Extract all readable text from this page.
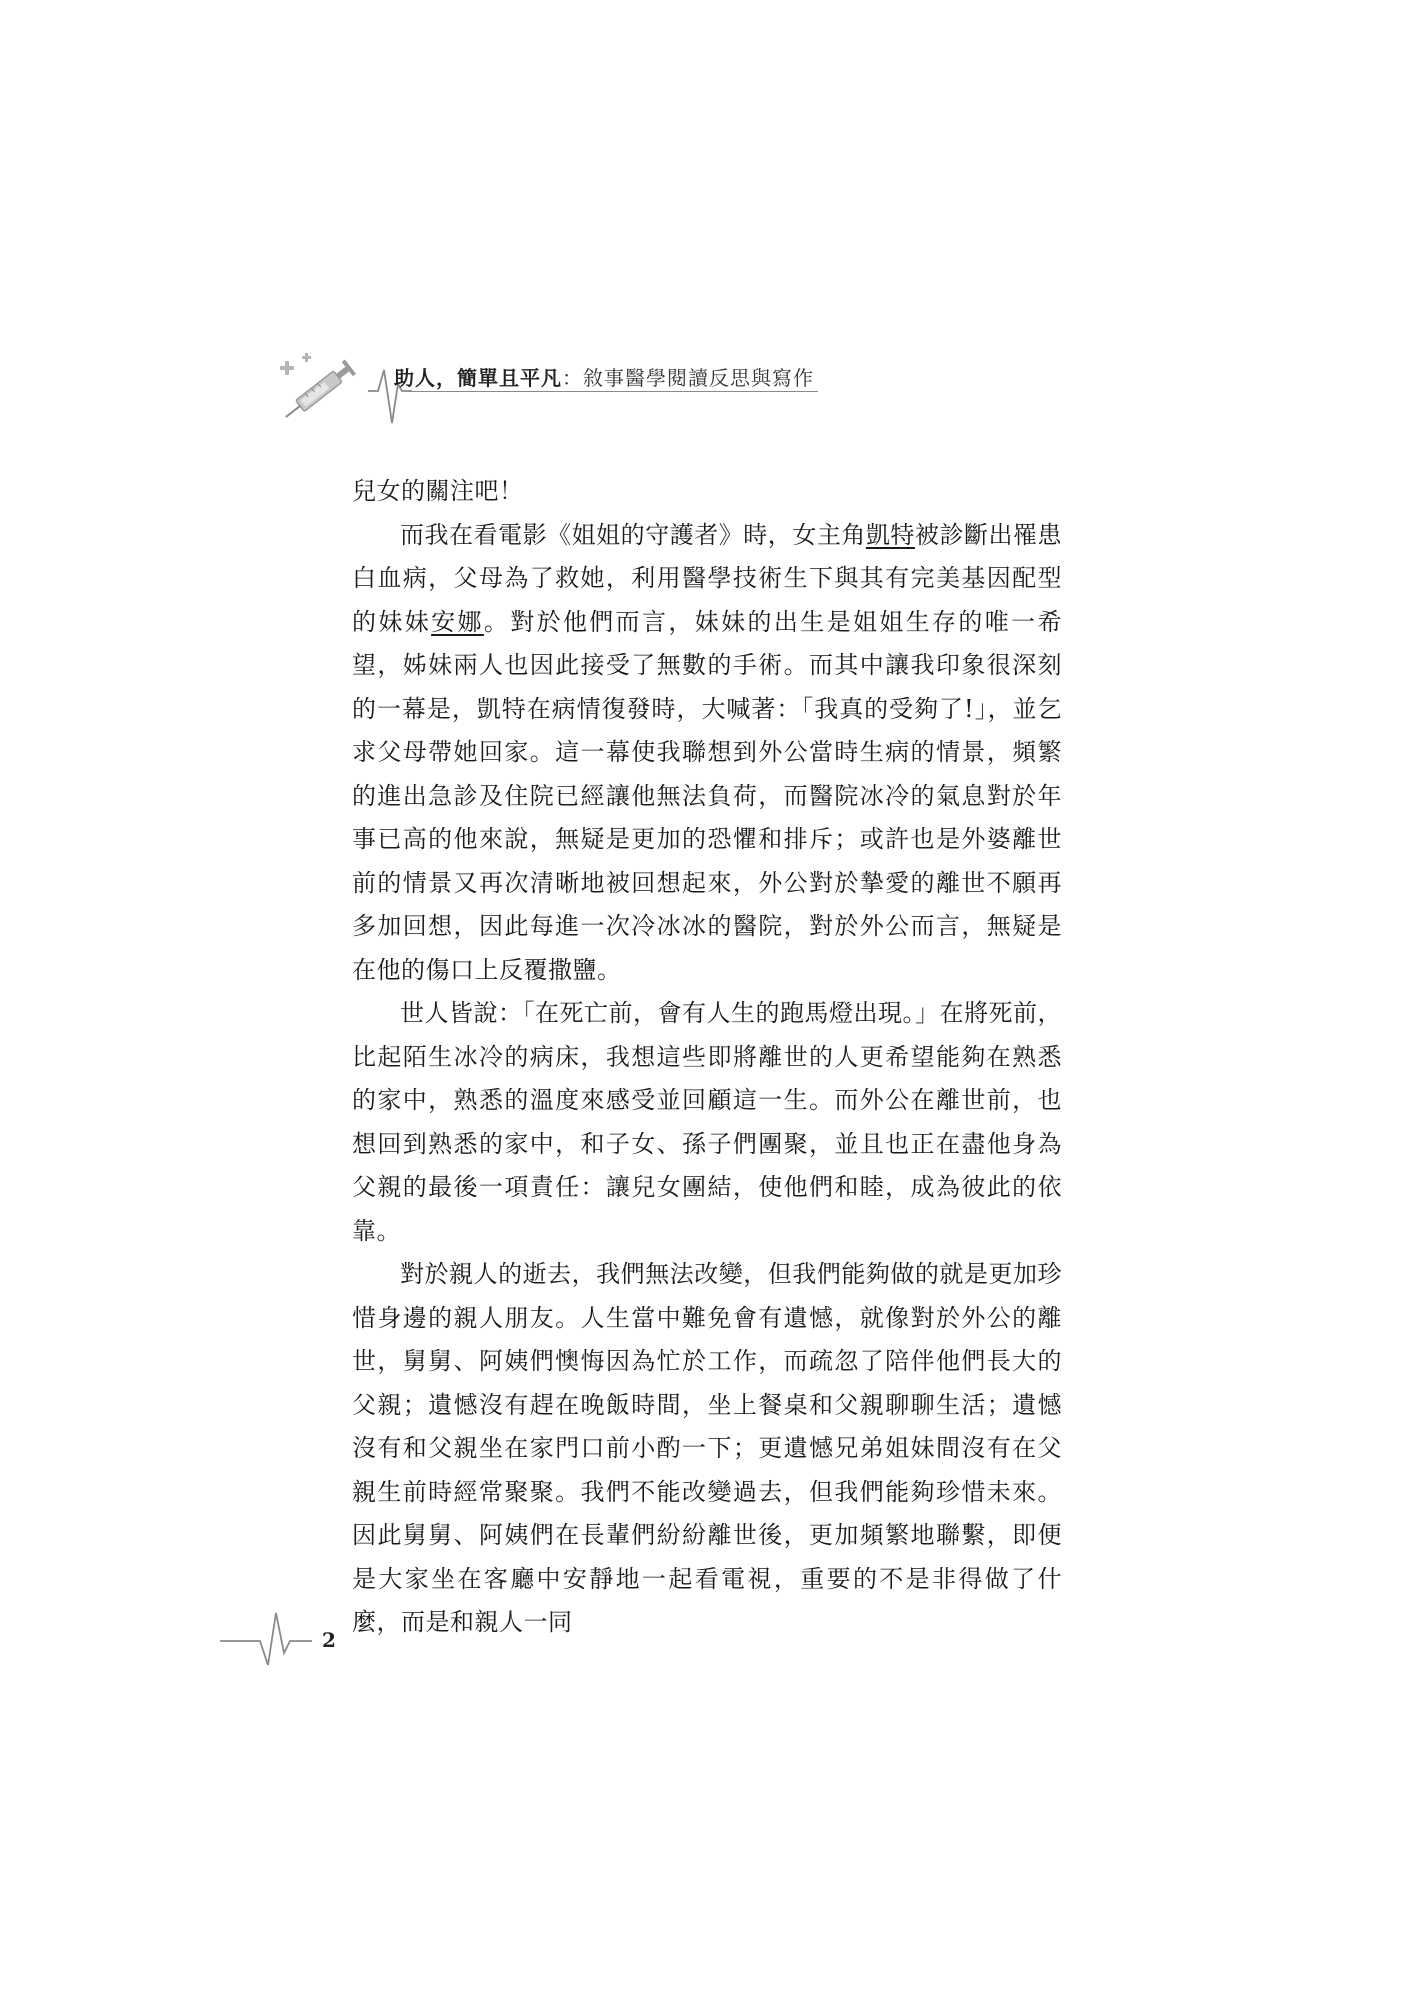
助人，簡單且平凡：敘事醫學閱讀反思與寫作

兒女的關注吧！

而我在看電影《姐姐的守護者》時，女主角凱特被診斷出罹患白血病，父母為了救她，利用醫學技術生下與其有完美基因配型的妹妹安娜。對於他們而言，妹妹的出生是姐姐生存的唯一希望，姊妹兩人也因此接受了無數的手術。而其中讓我印象很深刻的一幕是，凱特在病情復發時，大喊著：「我真的受夠了!」，並乞求父母帶她回家。這一幕使我聯想到外公當時生病的情景，頻繁的進出急診及住院已經讓他無法負荷，而醫院冰冷的氣息對於年事已高的他來說，無疑是更加的恐懼和排斥；或許也是外婆離世前的情景又再次清晰地被回想起來，外公對於摯愛的離世不願再多加回想，因此每進一次冷冰冰的醫院，對於外公而言，無疑是在他的傷口上反覆撒鹽。

世人皆說：「在死亡前，會有人生的跑馬燈出現。」在將死前，比起陌生冰冷的病床，我想這些即將離世的人更希望能夠在熟悉的家中，熟悉的溫度來感受並回顧這一生。而外公在離世前，也想回到熟悉的家中，和子女、孫子們團聚，並且也正在盡他身為父親的最後一項責任：讓兒女團結，使他們和睦，成為彼此的依靠。

對於親人的逝去，我們無法改變，但我們能夠做的就是更加珍惜身邊的親人朋友。人生當中難免會有遺憾，就像對於外公的離世，舅舅、阿姨們懊悔因為忙於工作，而疏忽了陪伴他們長大的父親；遺憾沒有趕在晚飯時間，坐上餐桌和父親聊聊生活；遺憾沒有和父親坐在家門口前小酌一下；更遺憾兄弟姐妹間沒有在父親生前時經常聚聚。我們不能改變過去，但我們能夠珍惜未來。因此舅舅、阿姨們在長輩們紛紛離世後，更加頻繁地聯繫，即便是大家坐在客廳中安靜地一起看電視，重要的不是非得做了什麼，而是和親人一同

2
